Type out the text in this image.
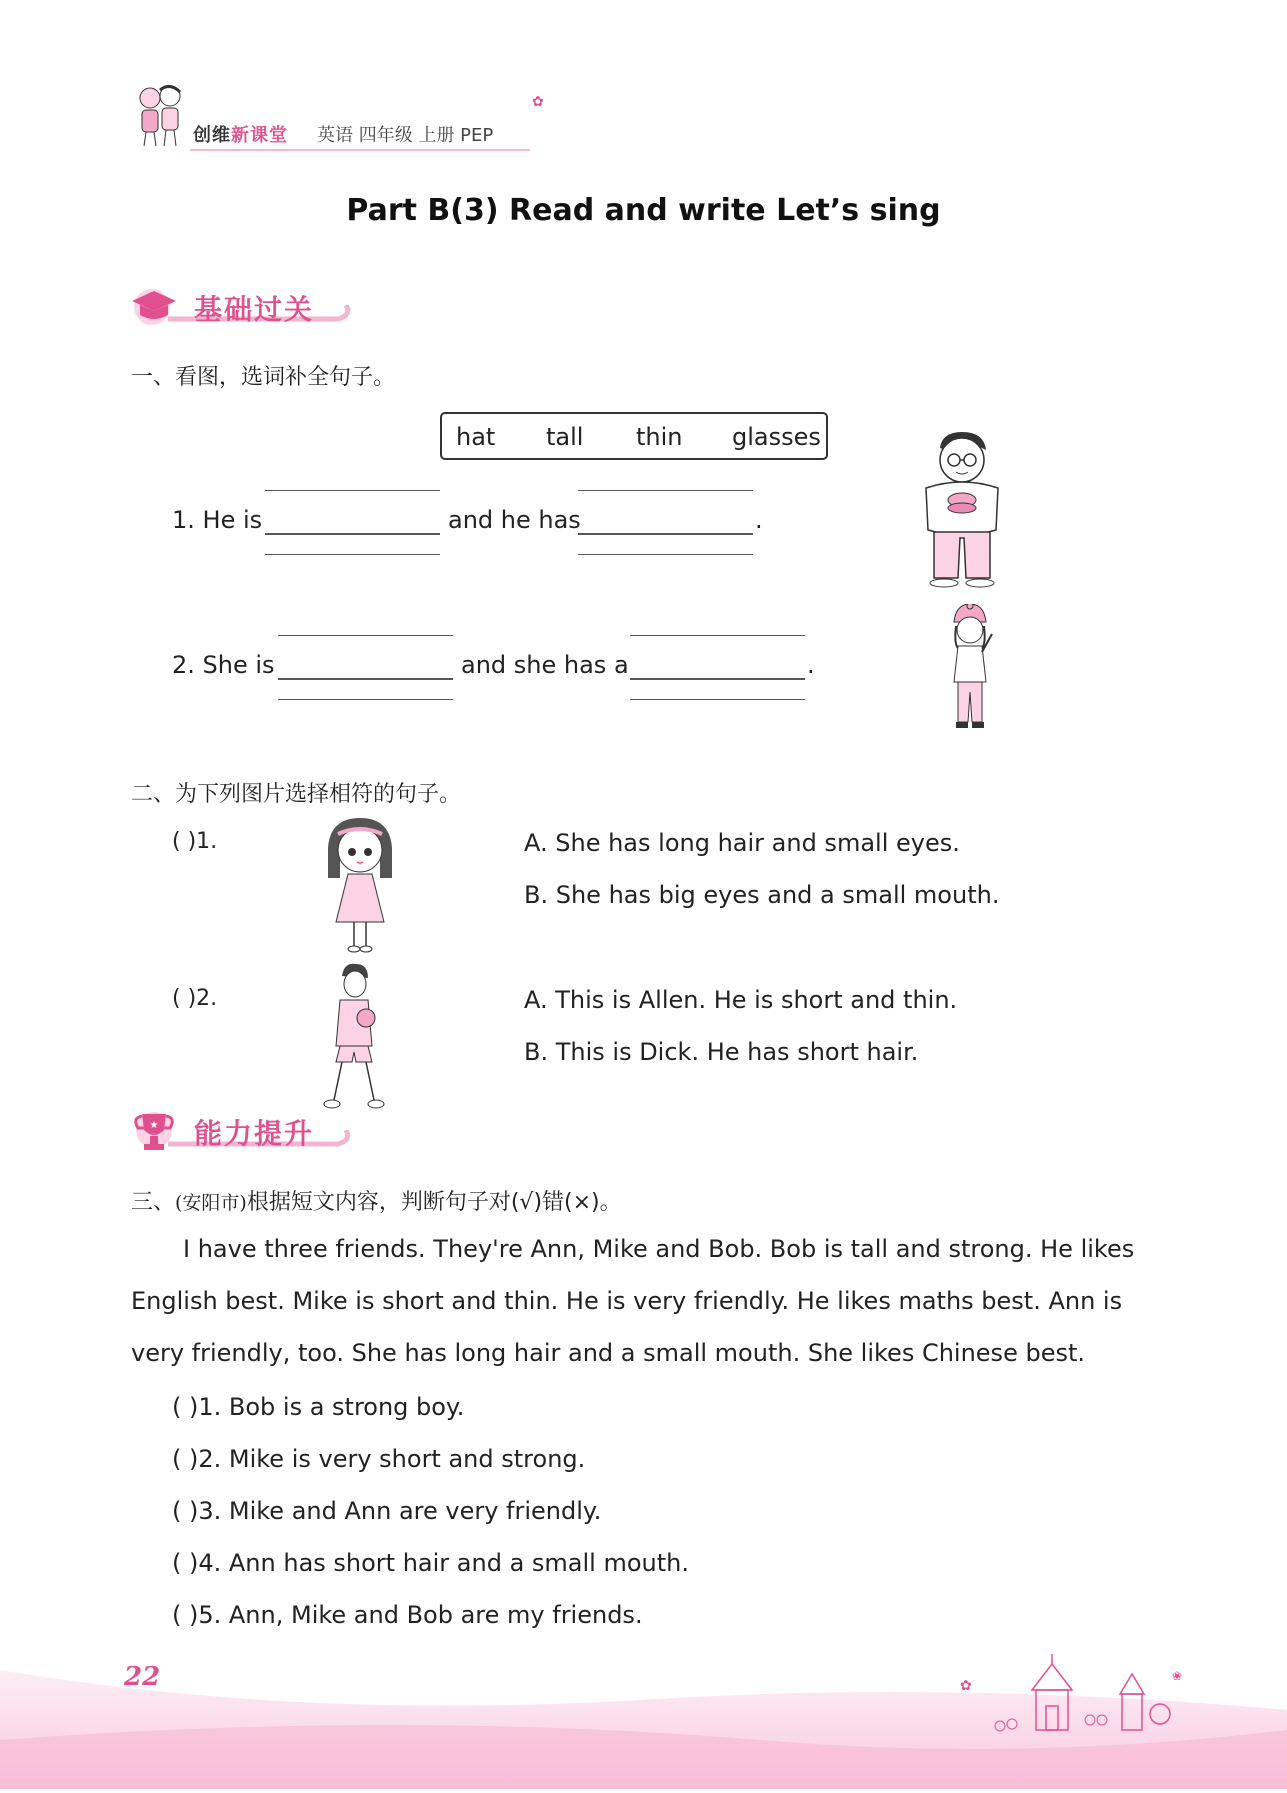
创维新课堂 英语 四年级 上册 PEP
✿
Part B(3) Read and write Let’s sing
基础过关
一、看图，选词补全句子。
hat tall thin glasses
1. He is	and he has	.
2. She is	and she has a	.
二、为下列图片选择相符的句子。
( )1.	A. She has long hair and small eyes.
B. She has big eyes and a small mouth.
( )2.	A. This is Allen. He is short and thin.
B. This is Dick. He has short hair.
★ 能力提升
三、(安阳市)根据短文内容，判断句子对(√)错(×)。
I have three friends. They're Ann, Mike and Bob. Bob is tall and strong. He likes
English best. Mike is short and thin. He is very friendly. He likes maths best. Ann is
very friendly, too. She has long hair and a small mouth. She likes Chinese best.
( )1. Bob is a strong boy.
( )2. Mike is very short and strong.
( )3. Mike and Ann are very friendly.
( )4. Ann has short hair and a small mouth.
( )5. Ann, Mike and Bob are my friends.
22	✿
❀
